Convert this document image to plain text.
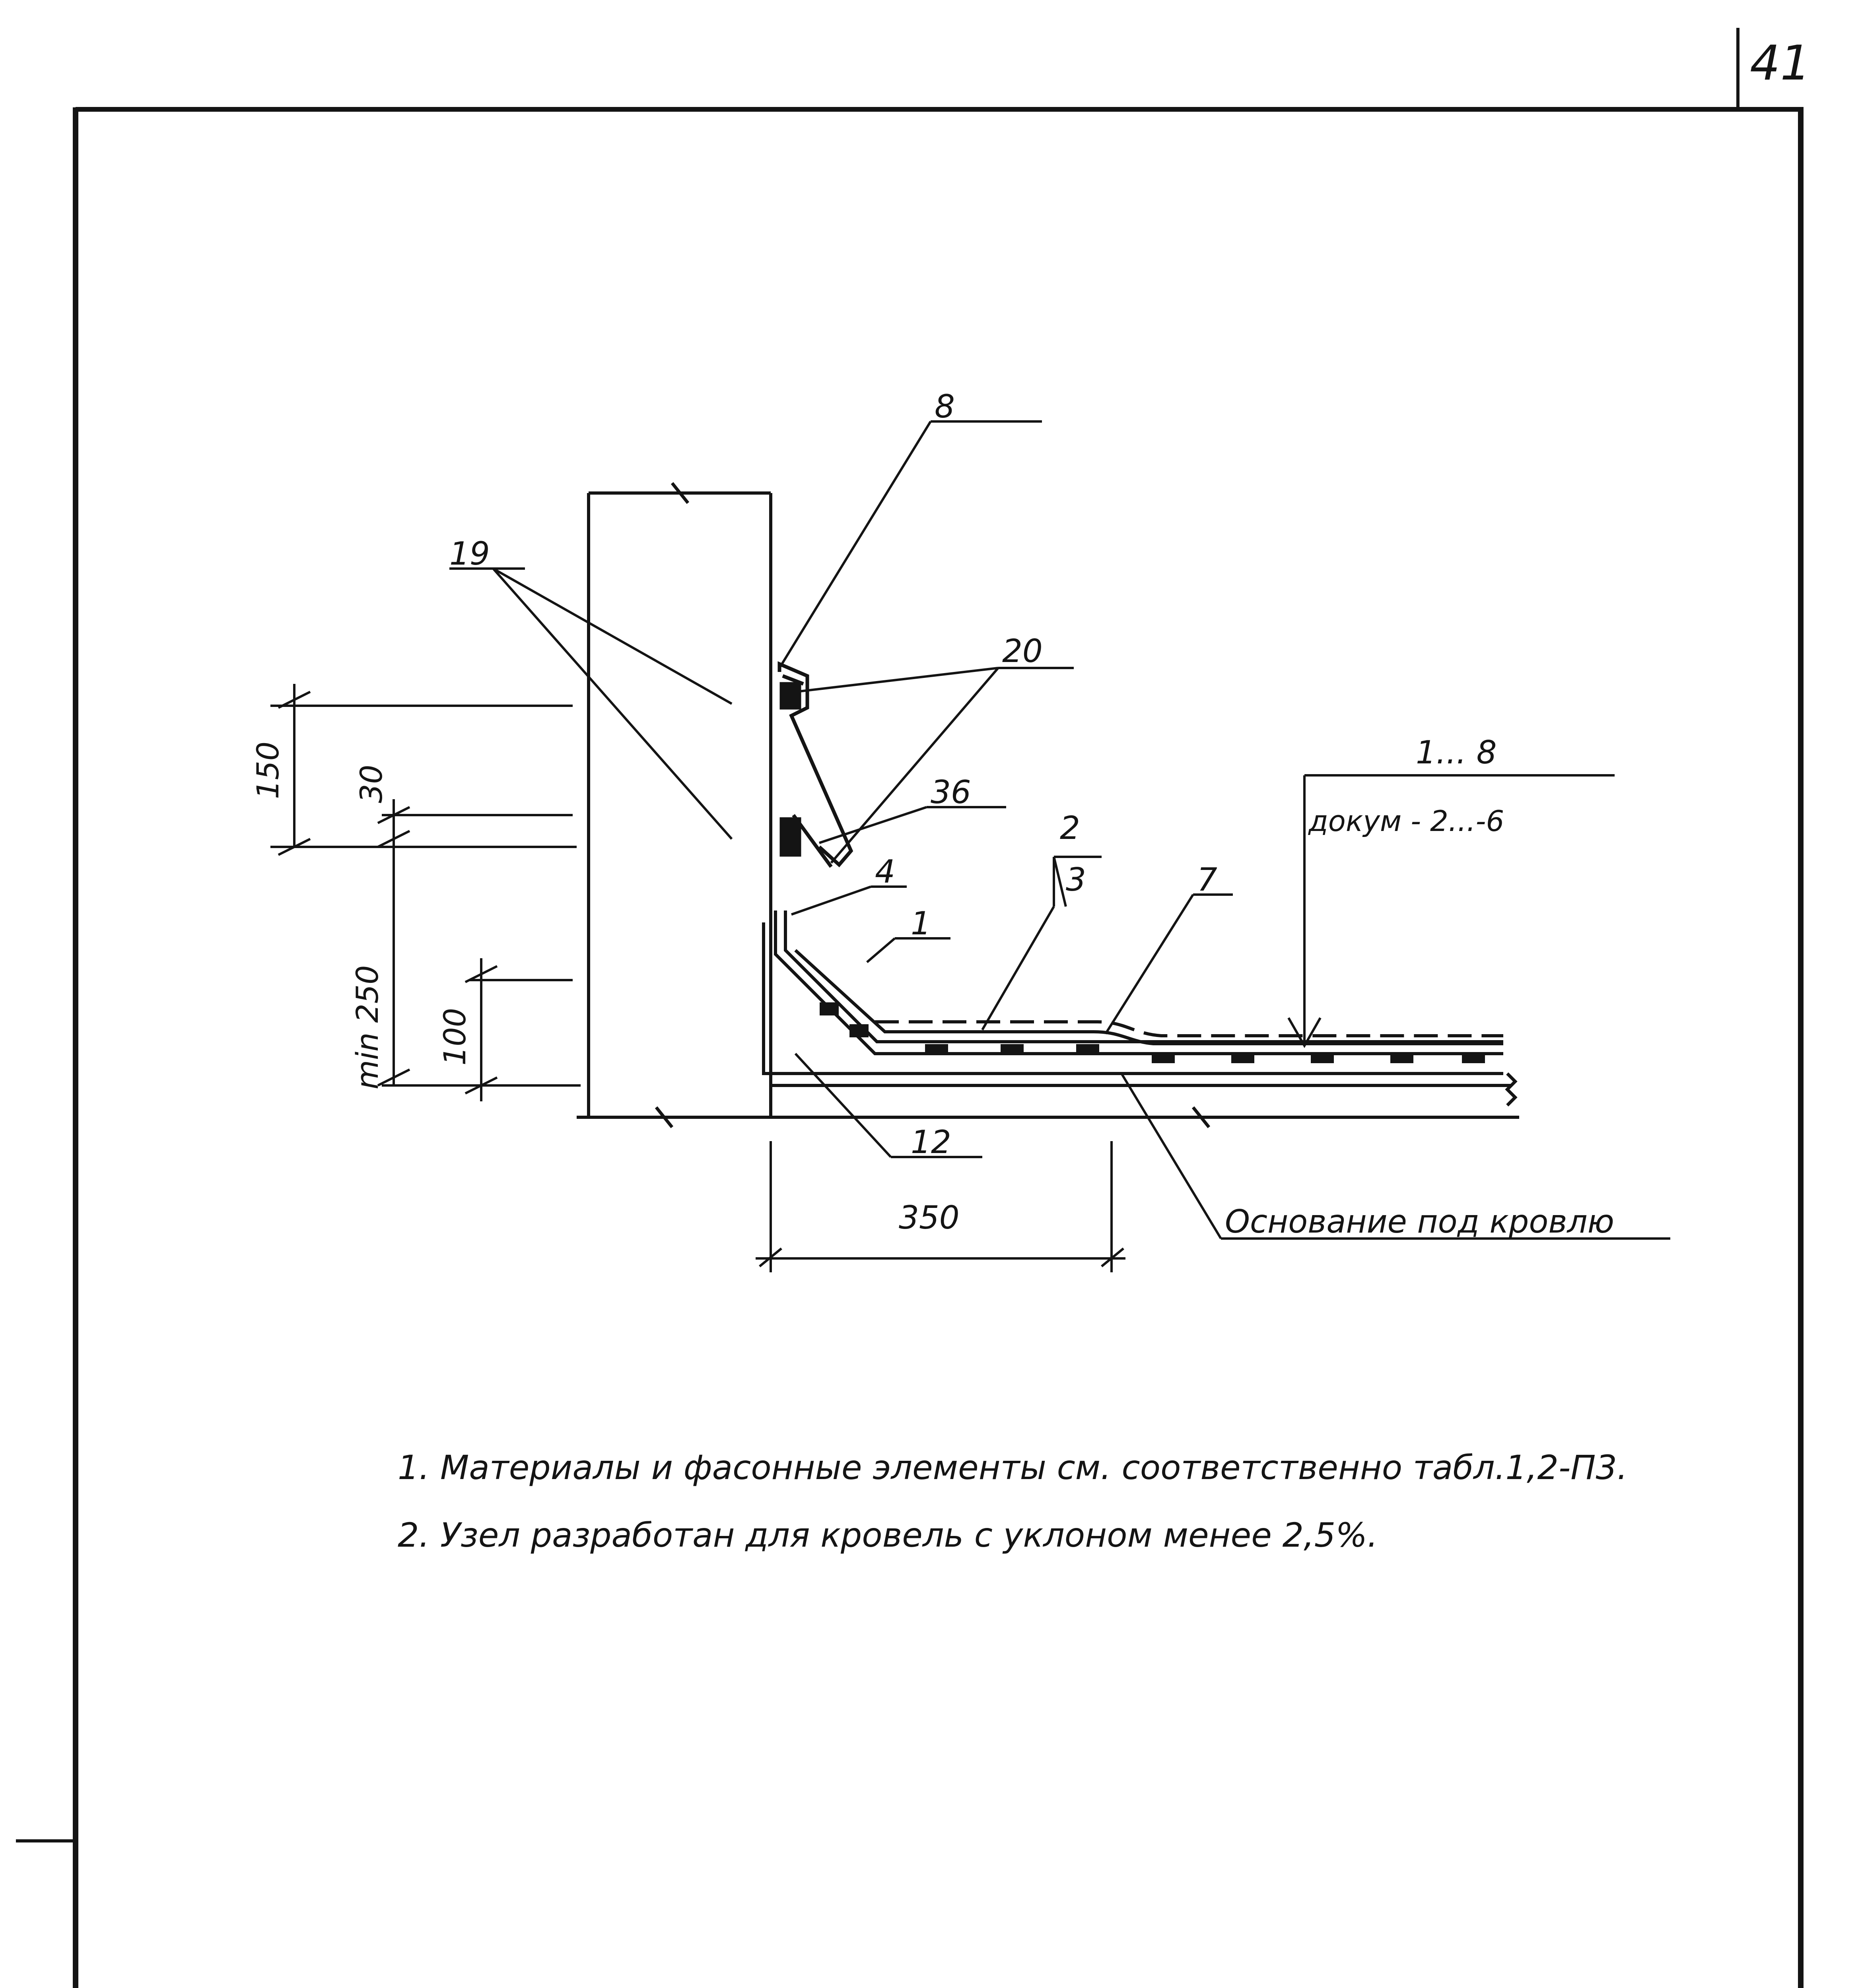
8
19
20
36
2
3	7
4
1
12
1... 8
докум - 2...-6
Основание под кровлю
150 30
min 250 100
350
1. Материалы и фасонные элементы см. соответственно табл.1,2-П3.
2. Узел разработан для кровель с уклоном менее 2,5%.
41
